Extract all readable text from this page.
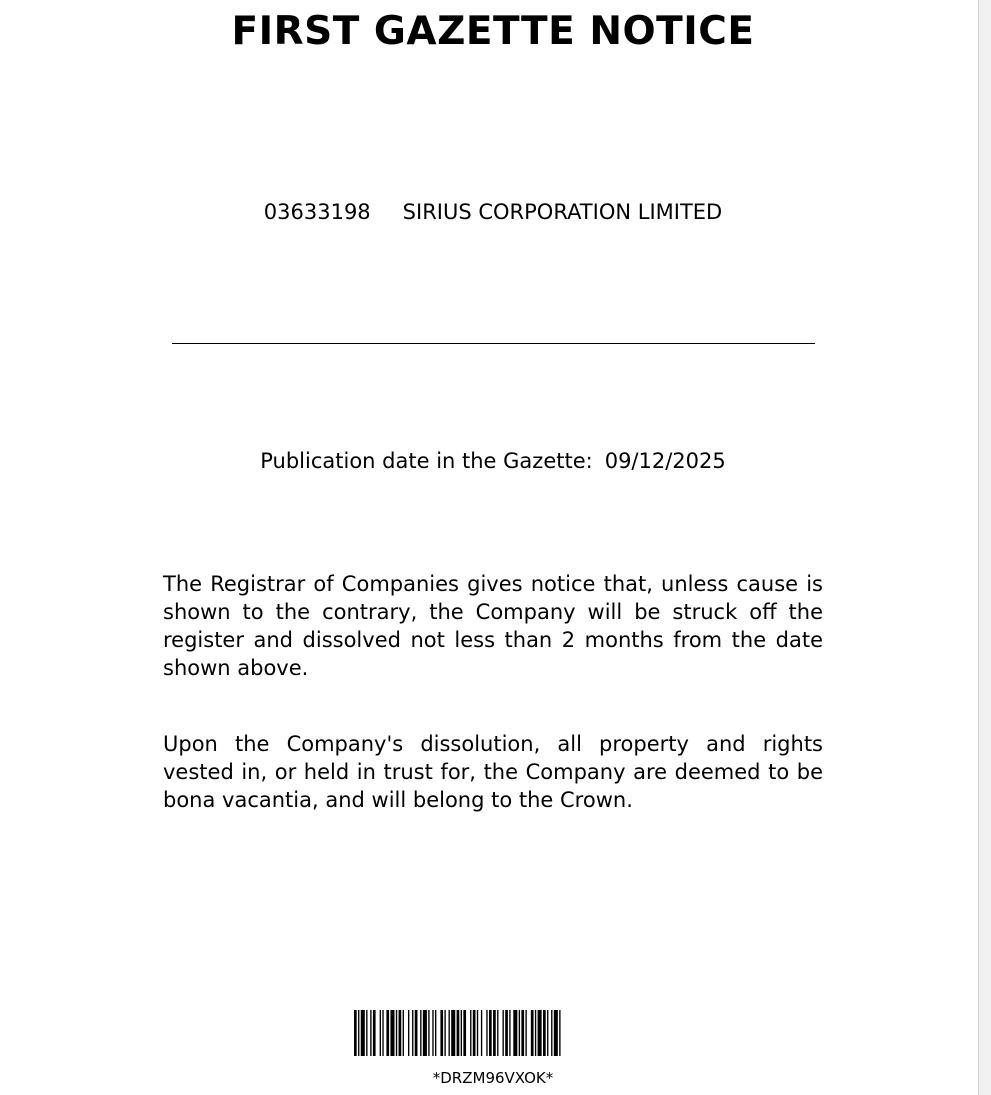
FIRST GAZETTE NOTICE
03633198 SIRIUS CORPORATION LIMITED
Publication date in the Gazette: 09/12/2025

The Registrar of Companies gives notice that, unless cause is shown to the contrary, the Company will be struck off the register and dissolved not less than 2 months from the date shown above.

Upon the Company's dissolution, all property and rights vested in, or held in trust for, the Company are deemed to be bona vacantia, and will belong to the Crown.

*DRZM96VXOK*
